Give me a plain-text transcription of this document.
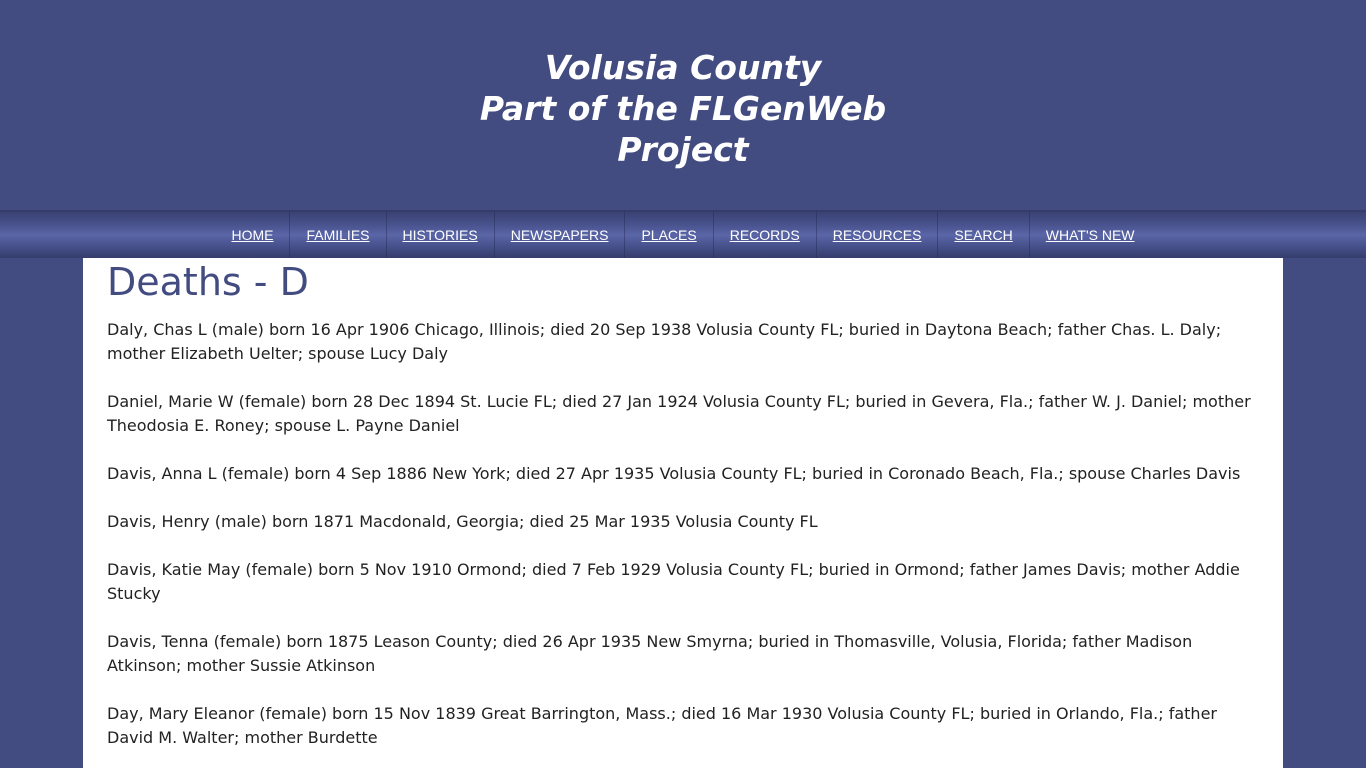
Volusia County
Part of the FLGenWeb
Project
HOME	FAMILIES	HISTORIES	NEWSPAPERS	PLACES	RECORDS	RESOURCES	SEARCH	WHAT'S NEW
Deaths - D

Daly, Chas L (male) born 16 Apr 1906 Chicago, Illinois; died 20 Sep 1938 Volusia County FL; buried in Daytona Beach; father Chas. L. Daly; mother Elizabeth Uelter; spouse Lucy Daly

Daniel, Marie W (female) born 28 Dec 1894 St. Lucie FL; died 27 Jan 1924 Volusia County FL; buried in Gevera, Fla.; father W. J. Daniel; mother Theodosia E. Roney; spouse L. Payne Daniel

Davis, Anna L (female) born 4 Sep 1886 New York; died 27 Apr 1935 Volusia County FL; buried in Coronado Beach, Fla.; spouse Charles Davis

Davis, Henry (male) born 1871 Macdonald, Georgia; died 25 Mar 1935 Volusia County FL

Davis, Katie May (female) born 5 Nov 1910 Ormond; died 7 Feb 1929 Volusia County FL; buried in Ormond; father James Davis; mother Addie Stucky

Davis, Tenna (female) born 1875 Leason County; died 26 Apr 1935 New Smyrna; buried in Thomasville, Volusia, Florida; father Madison Atkinson; mother Sussie Atkinson

Day, Mary Eleanor (female) born 15 Nov 1839 Great Barrington, Mass.; died 16 Mar 1930 Volusia County FL; buried in Orlando, Fla.; father David M. Walter; mother Burdette
